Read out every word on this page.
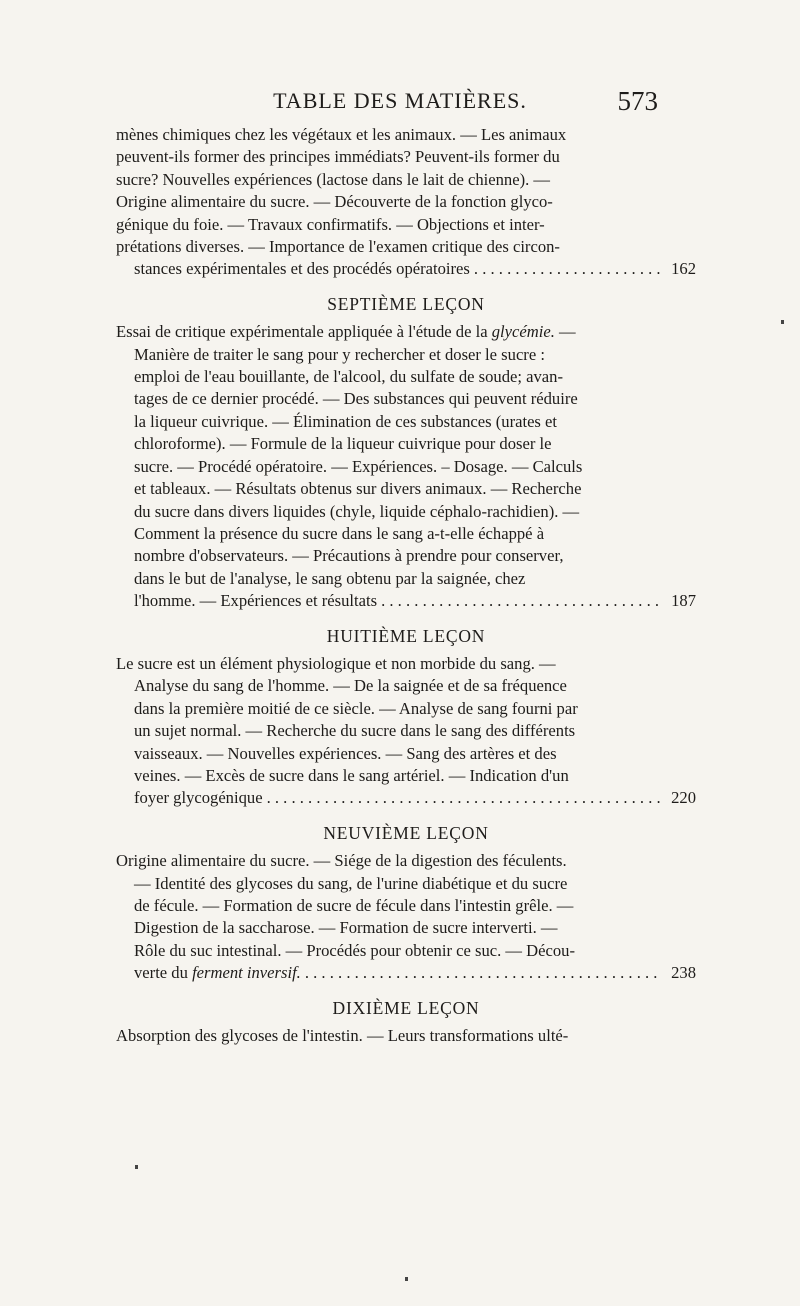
TABLE DES MATIÈRES.	573
mènes chimiques chez les végétaux et les animaux. — Les animaux
peuvent-ils former des principes immédiats? Peuvent-ils former du
sucre? Nouvelles expériences (lactose dans le lait de chienne). —
Origine alimentaire du sucre. — Découverte de la fonction glyco-
génique du foie. — Travaux confirmatifs. — Objections et inter-
prétations diverses. — Importance de l'examen critique des circon-
stances expérimentales et des procédés opératoires . . .	162
SEPTIÈME LEÇON
Essai de critique expérimentale appliquée à l'étude de la glycémie. —
Manière de traiter le sang pour y rechercher et doser le sucre :
emploi de l'eau bouillante, de l'alcool, du sulfate de soude; avan-
tages de ce dernier procédé. — Des substances qui peuvent réduire
la liqueur cuivrique. — Élimination de ces substances (urates et
chloroforme). — Formule de la liqueur cuivrique pour doser le
sucre. — Procédé opératoire. — Expériences. – Dosage. — Calculs
et tableaux. — Résultats obtenus sur divers animaux. — Recherche
du sucre dans divers liquides (chyle, liquide céphalo-rachidien). —
Comment la présence du sucre dans le sang a-t-elle échappé à
nombre d'observateurs. — Précautions à prendre pour conserver,
dans le but de l'analyse, le sang obtenu par la saignée, chez
l'homme. — Expériences et résultats . . .	187
HUITIÈME LEÇON
Le sucre est un élément physiologique et non morbide du sang. —
Analyse du sang de l'homme. — De la saignée et de sa fréquence
dans la première moitié de ce siècle. — Analyse de sang fourni par
un sujet normal. — Recherche du sucre dans le sang des différents
vaisseaux. — Nouvelles expériences. — Sang des artères et des
veines. — Excès de sucre dans le sang artériel. — Indication d'un
foyer glycogénique . . .	220
NEUVIÈME LEÇON
Origine alimentaire du sucre. — Siége de la digestion des féculents.
— Identité des glycoses du sang, de l'urine diabétique et du sucre
de fécule. — Formation de sucre de fécule dans l'intestin grêle. —
Digestion de la saccharose. — Formation de sucre interverti. —
Rôle du suc intestinal. — Procédés pour obtenir ce suc. — Décou-
verte du ferment inversif. . . .	238
DIXIÈME LEÇON
Absorption des glycoses de l'intestin. — Leurs transformations ulté-
